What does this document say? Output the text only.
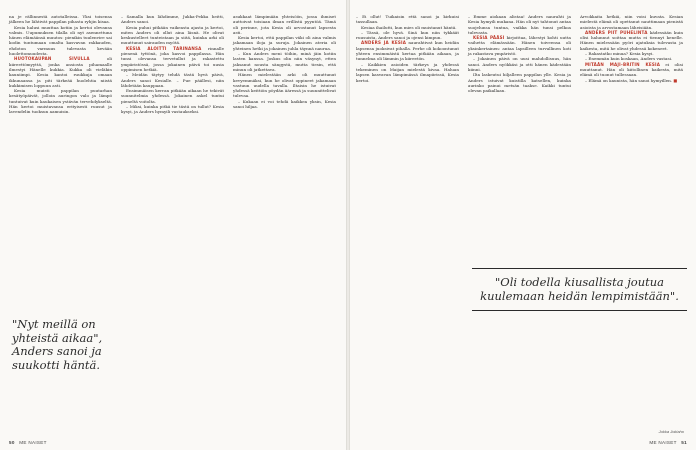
na je rällinnestä autotalleissa. Yksi toisensa jälkeen he lähtivät pappilan pihasta ryhjin kisaa.

Kesia halusi muuttaa kotiin ja kertoi olevansa valmis. Uupumuksen tilalla oli nyt asennettuna hänen elämäänsä muutos: pienikin tuulenvire sai kodin tuntumaan omalta kasvavan rakkauden, ehdoton varmuus tulevasta kevään huolettomuudesta.

HUOTOKAUPAN SIVULLA	oli kiireettömyyttä, jonka ansiosta pihamaalle ilmestyi Hänelle kukkia. Kukka oli vieläkin kauniimpi. Kesia kantoi ruukkuja omaan ikkunaansa ja piti tärkeää huolehtia niistä kukkimisen loppuun asti.

Kesia muisti pappilan puutarhan kesätyöpäivät, jolloin auringon valo ja lämpö tuntuivat kuin kaukaisen ystävän tervehdykseltä. Hän kertoi muistavansa erityisesti ruusut ja lavendelin tuoksun aamuisin.

– Samalla kun lähdimme, Jukka-Pekka heitti, Anders sanoi.

Kesia puhui pitkään vaikeasta ajasta ja kertoi, miten Anders oli ollut aina läsnä. He olivat keskustelleet tunteistaan ja siitä, kuinka arki oli muuttunut sairauden myötä.

KESIA ALOITTI TARINANSA rinnalle pienenä tyttönä, joka kasvoi pappilassa. Hän tunsi olevansa tervetullut ja rakastettu ympäristössä, jossa jokainen päivä toi uusia oppimisen hetkiä.

– Meidän täytyy tehdä tästä hyvä päivä, Anders sanoi Kesialle. – Pue päällesi, niin lähdetään kauppaan.

Ensimmäisen kerran pitkään aikaan he tekivät suunnitelmia yhdessä. Jokainen askel tuntui pieneltä voitolta.

– Miksi, kuinka pitkä tie tästä on tullut? Kesia kysyi, ja Anders hymyili vastaukseksi.

asukkaat lämpimään yhteisöön, jossa ihmiset auttoivat toisiaan ilman erillistä pyyntöä. Tämä oli perinne, jota Kesia oli arvostanut lapsesta asti.

Kesia kertoi, että pappilan väki oli aina valmis jakamaan iloja ja suruja. Jokainen ateria oli yhteinen hetki ja jokainen juhla täynnä naurua.

– Kun Anders meni töihin, minä jäin kotiin lasten kanssa. Joskus olin niin väsynyt, etten jaksanut nousta sängystä, mutta tiesin, että minun oli jatkettava.

Hänen mielestään arki oli muuttunut kevyemmäksi, kun he olivat oppineet jakamaan vastuun uudella tavalla. Iltaisin he istuivat yhdessä keittiön pöydän ääressä ja suunnittelivat tulevaa.

– Kukaan ei voi tehdä kaikkea yksin, Kesia sanoi hiljaa.

"Nyt meillä on yhteistä aikaa", Anders sanoi ja suukotti häntä.
50 ME NAISET

– Ei ollut! Tuikaisin että sanoi ja kirkuisi tassullaan.

Kesiaa ihailutti, kun mies oli muistanut häntä.

– Tässä, ole hyvä. Sinä kun niin tykkäät ruusuista, Anders sanoi ja ojensi kimpun.

ANDERS JA KESIA naurahtivat kun heidän lapsensa juoksivat pihalla. Perhe oli kokoontunut yhteen ensimmäistä kertaa pitkään aikaan, ja tunnelma oli lämmin ja kiireetön.

– Kaikkien asioiden tärkeys ja yhdessä tekeminen on Maijan mielestä kivaa. Haluan lapsen kasvavan lämpimässä ilmapiirissä, Kesia kertoi.

– Emme aiokaan alistaa! Anders naurahti ja Kesia hymyili mukana. Hän oli nyt tahtonut antaa suojelunsa tuntua, vaikka hän tunsi pelkoa tulevasta.

KESIA PÄÄSI kirjoittaa, lähestyi kohti uutta vaihetta elämässään. Hänen toiveensa oli yksinkertainen: antaa lapsilleen turvallinen koti ja rakastava ympäristö.

– Jokainen päivä on uusi mahdollisuus, hän sanoi. Anders nyökkäsi ja otti hänen kädestään kiinni.

Ilta laskeutui hiljalleen pappilan ylle. Kesia ja Anders istuivat kuistilla katsellen, kuinka aurinko painui metsän taakse. Kaikki tuntui olevan paikallaan.

Arvokkaita hetkiä, niin voisi kuvata. Kesian mielestä elämä oli opettanut nauttimaan pienistä asioista ja arvostamaan läheisiään.

ANDERS PIIT PUHELINTA kädessään kuin olisi halunnut soittaa mutta ei tiennyt kenelle. Hänen mielessään pyöri ajatuksia tulevasta ja kaikesta, mitä he olivat yhdessä kokeneet.

– Rakastatko minua? Kesia kysyi.

– Enemmän kuin koskaan, Anders vastasi.

MITÄÄN MAJI–BRITIN KESIA ei olisi muuttanut. Hän oli kiitollinen kaikesta, mitä elämä oli tuonut tullessaan.

– Elämä on kaunista, hän sanoi hymyillen. ■

"Oli todella kiusallista joutua kuulemaan heidän lempimistään".
Jukka Jokiaho
ME NAISET 51
